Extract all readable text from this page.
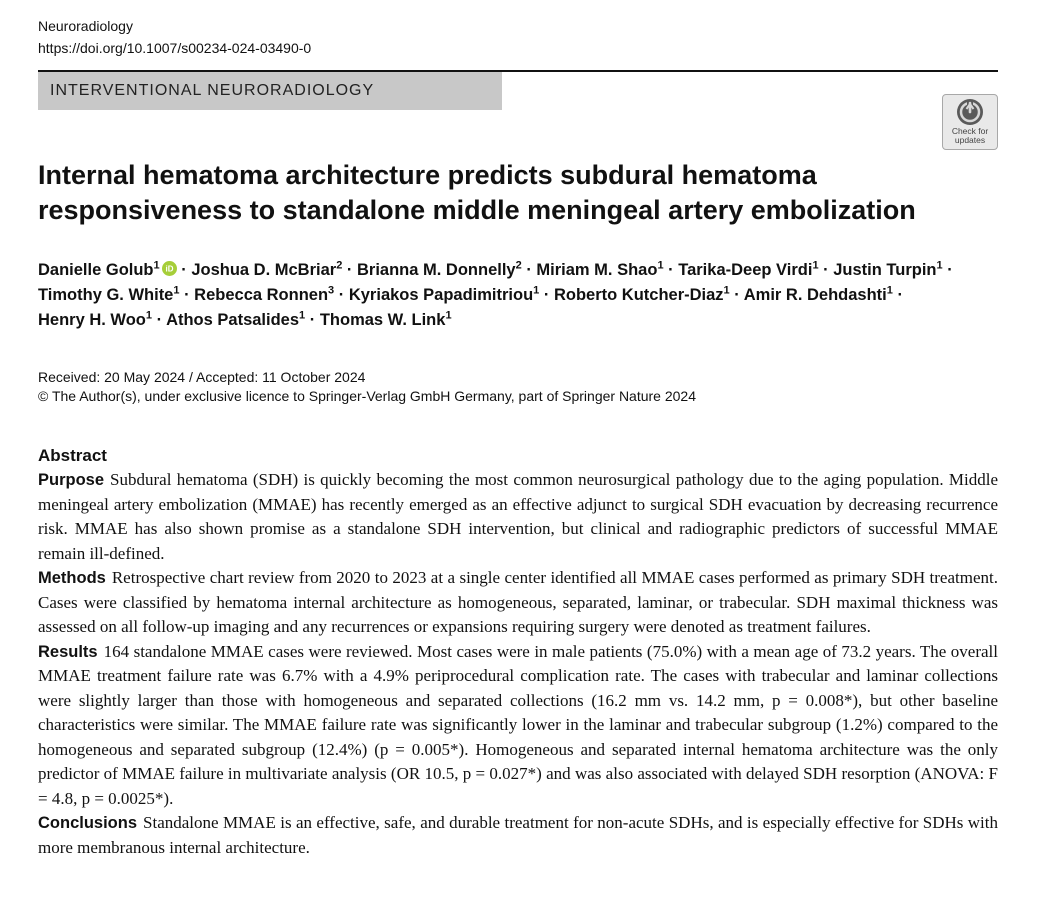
Neuroradiology
https://doi.org/10.1007/s00234-024-03490-0
INTERVENTIONAL NEURORADIOLOGY
Check for
updates
Internal hematoma architecture predicts subdural hematoma
responsiveness to standalone middle meningeal artery embolization
Danielle Golub$^1$ iD · Joshua D. McBriar$^2$ · Brianna M. Donnelly$^2$ · Miriam M. Shao$^1$ · Tarika-Deep Virdi$^1$ · Justin Turpin$^1$ · Timothy G. White$^1$ · Rebecca Ronnen$^3$ · Kyriakos Papadimitriou$^1$ · Roberto Kutcher-Diaz$^1$ · Amir R. Dehdashti$^1$ · Henry H. Woo$^1$ · Athos Patsalides$^1$ · Thomas W. Link$^1$
Received: 20 May 2024 / Accepted: 11 October 2024
© The Author(s), under exclusive licence to Springer-Verlag GmbH Germany, part of Springer Nature 2024
Abstract

Purpose Subdural hematoma (SDH) is quickly becoming the most common neurosurgical pathology due to the aging population. Middle meningeal artery embolization (MMAE) has recently emerged as an effective adjunct to surgical SDH evacuation by decreasing recurrence risk. MMAE has also shown promise as a standalone SDH intervention, but clinical and radiographic predictors of successful MMAE remain ill-defined.

Methods Retrospective chart review from 2020 to 2023 at a single center identified all MMAE cases performed as primary SDH treatment. Cases were classified by hematoma internal architecture as homogeneous, separated, laminar, or trabecular. SDH maximal thickness was assessed on all follow-up imaging and any recurrences or expansions requiring surgery were denoted as treatment failures.

Results 164 standalone MMAE cases were reviewed. Most cases were in male patients (75.0%) with a mean age of 73.2 years. The overall MMAE treatment failure rate was 6.7% with a 4.9% periprocedural complication rate. The cases with trabecular and laminar collections were slightly larger than those with homogeneous and separated collections (16.2 mm vs. 14.2 mm, p = 0.008*), but other baseline characteristics were similar. The MMAE failure rate was significantly lower in the laminar and trabecular subgroup (1.2%) compared to the homogeneous and separated subgroup (12.4%) (p = 0.005*). Homogeneous and separated internal hematoma architecture was the only predictor of MMAE failure in multivariate analysis (OR 10.5, p = 0.027*) and was also associated with delayed SDH resorption (ANOVA: F = 4.8, p = 0.0025*).

Conclusions Standalone MMAE is an effective, safe, and durable treatment for non-acute SDHs, and is especially effective for SDHs with more membranous internal architecture.
